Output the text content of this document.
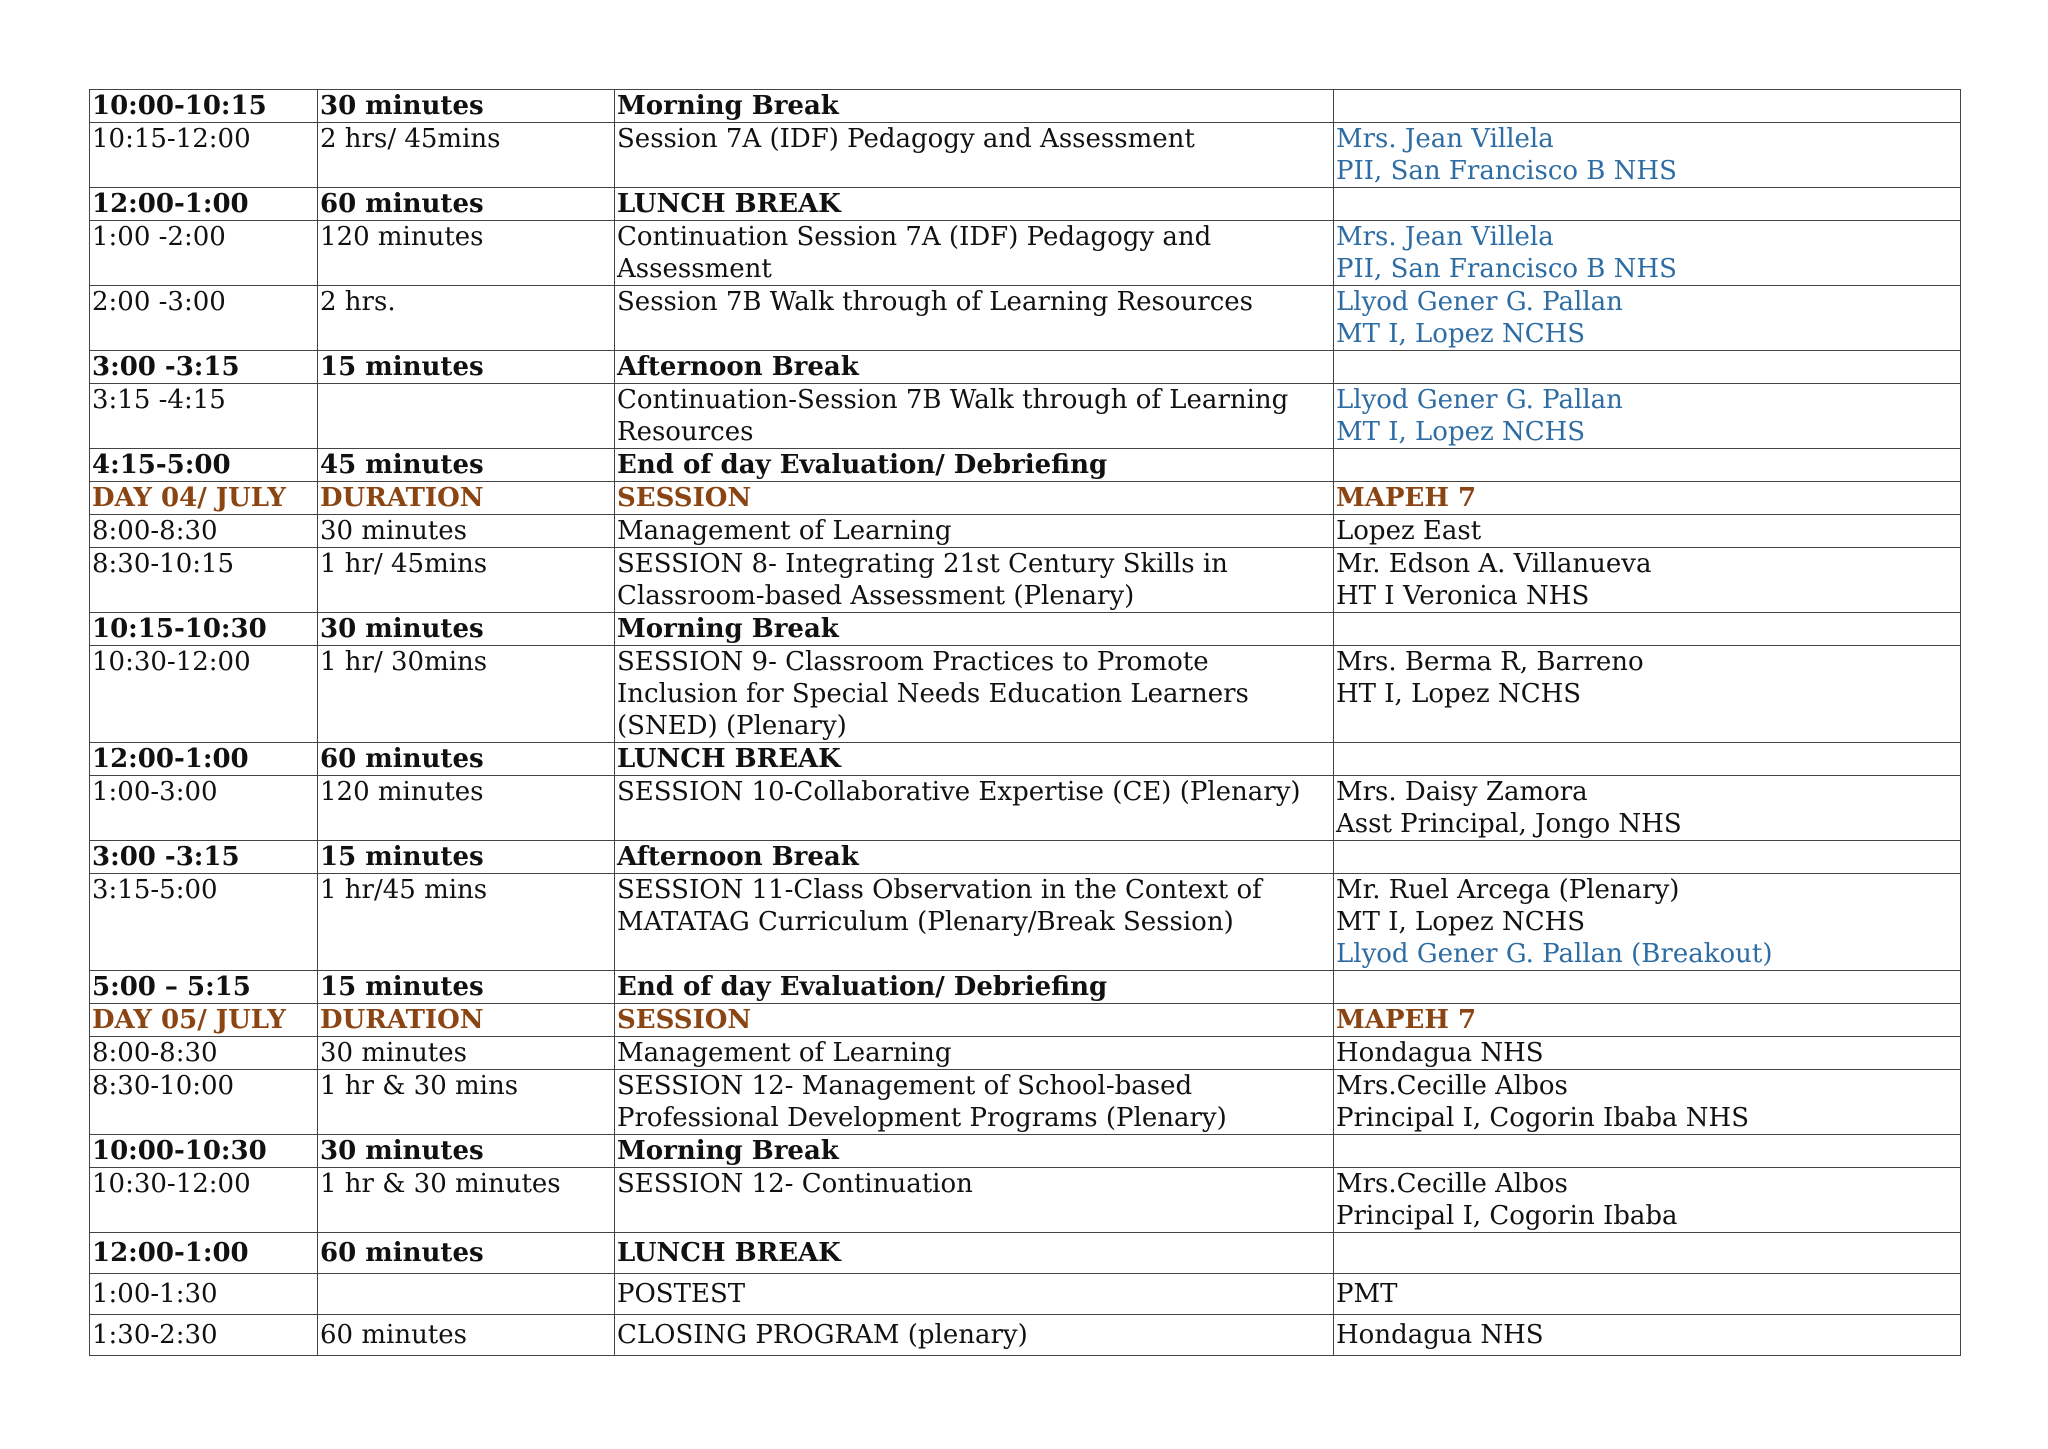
10:00-10:15	30 minutes	Morning Break	

10:15-12:00	2 hrs/ 45mins	Session 7A (IDF) Pedagogy and Assessment	Mrs. Jean Villela
PII, San Francisco B NHS

12:00-1:00	60 minutes	LUNCH BREAK	

1:00 -2:00	120 minutes	Continuation Session 7A (IDF) Pedagogy and
Assessment	Mrs. Jean Villela
PII, San Francisco B NHS

2:00 -3:00	2 hrs.	Session 7B Walk through of Learning Resources	Llyod Gener G. Pallan
MT I, Lopez NCHS

3:00 -3:15	15 minutes	Afternoon Break	

3:15 -4:15		Continuation-Session 7B Walk through of Learning
Resources	Llyod Gener G. Pallan
MT I, Lopez NCHS

4:15-5:00	45 minutes	End of day Evaluation/ Debriefing	

DAY 04/ JULY	DURATION	SESSION	MAPEH 7

8:00-8:30	30 minutes	Management of Learning	Lopez East

8:30-10:15	1 hr/ 45mins	SESSION 8- Integrating 21st Century Skills in
Classroom-based Assessment (Plenary)	Mr. Edson A. Villanueva
HT I Veronica NHS

10:15-10:30	30 minutes	Morning Break	

10:30-12:00	1 hr/ 30mins	SESSION 9- Classroom Practices to Promote
Inclusion for Special Needs Education Learners
(SNED) (Plenary)	Mrs. Berma R, Barreno
HT I, Lopez NCHS

12:00-1:00	60 minutes	LUNCH BREAK	

1:00-3:00	120 minutes	SESSION 10-Collaborative Expertise (CE) (Plenary)	Mrs. Daisy Zamora
Asst Principal, Jongo NHS

3:00 -3:15	15 minutes	Afternoon Break	

3:15-5:00	1 hr/45 mins	SESSION 11-Class Observation in the Context of
MATATAG Curriculum (Plenary/Break Session)	Mr. Ruel Arcega (Plenary)
MT I, Lopez NCHS
Llyod Gener G. Pallan (Breakout)

5:00 – 5:15	15 minutes	End of day Evaluation/ Debriefing	

DAY 05/ JULY	DURATION	SESSION	MAPEH 7

8:00-8:30	30 minutes	Management of Learning	Hondagua NHS

8:30-10:00	1 hr & 30 mins	SESSION 12- Management of School-based
Professional Development Programs (Plenary)	Mrs.Cecille Albos
Principal I, Cogorin Ibaba NHS

10:00-10:30	30 minutes	Morning Break	

10:30-12:00	1 hr & 30 minutes	SESSION 12- Continuation	Mrs.Cecille Albos
Principal I, Cogorin Ibaba

12:00-1:00	60 minutes	LUNCH BREAK	

1:00-1:30		POSTEST	PMT

1:30-2:30	60 minutes	CLOSING PROGRAM (plenary)	Hondagua NHS
